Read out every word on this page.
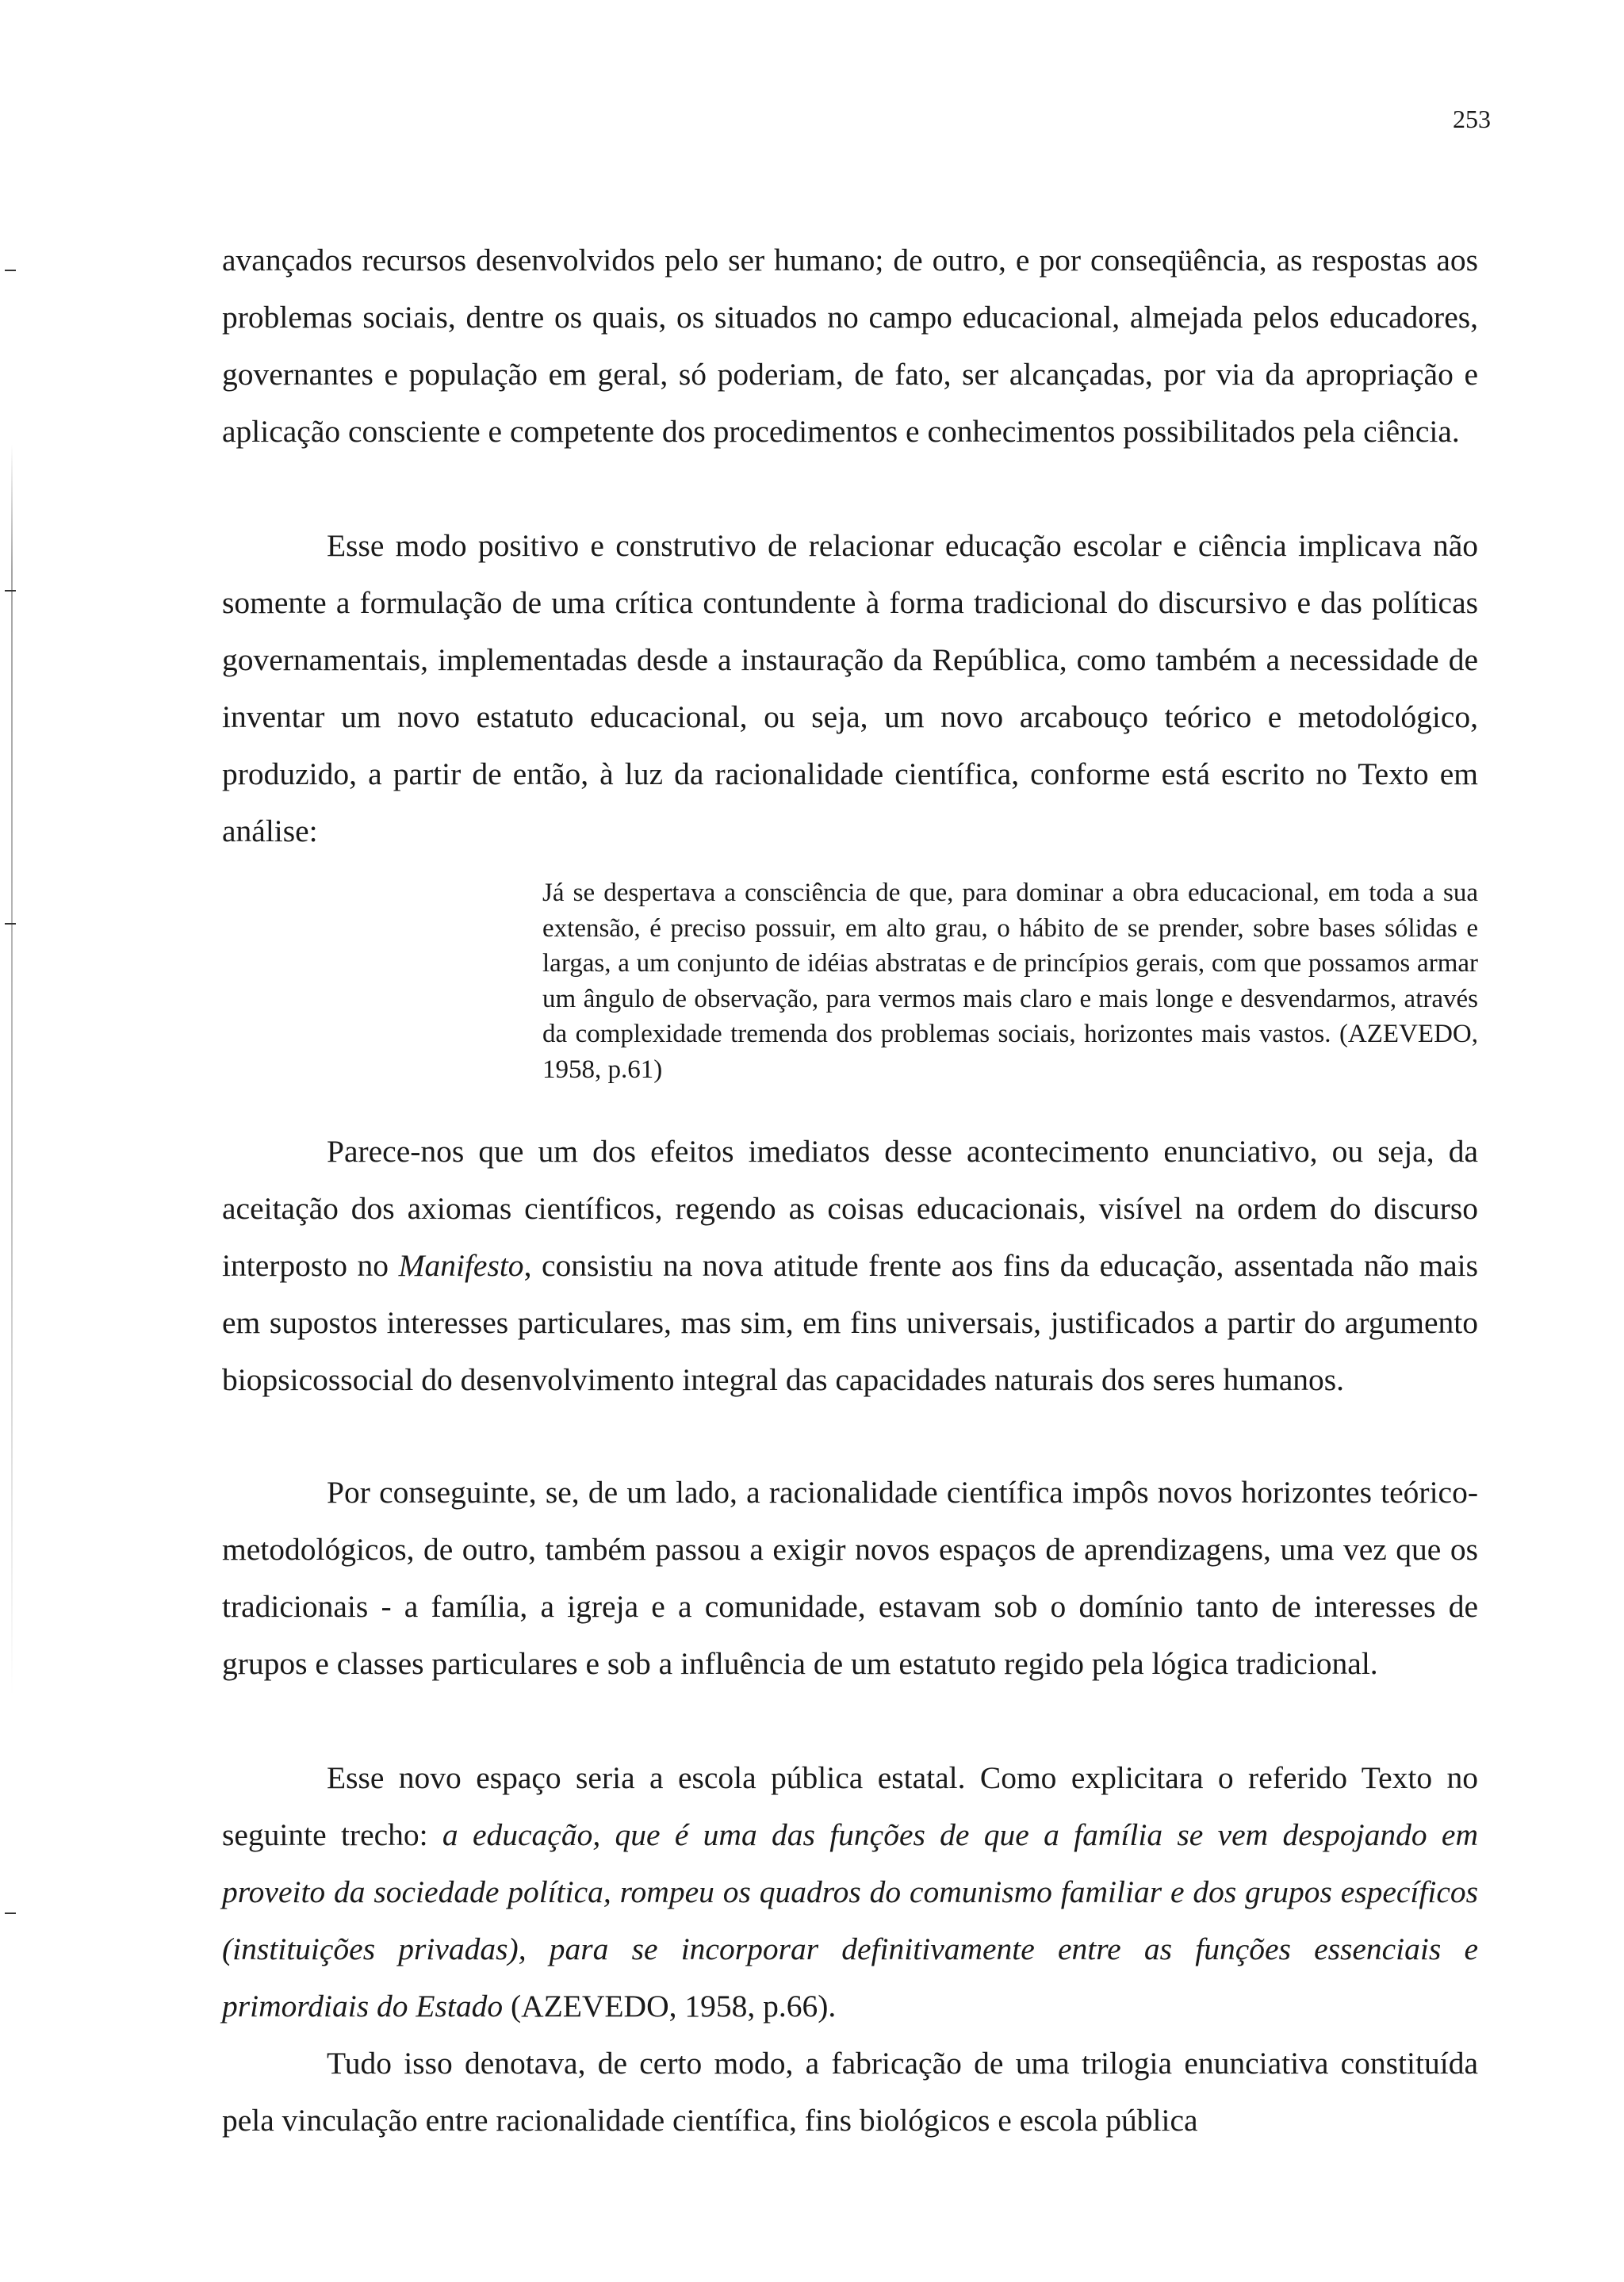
253

avançados recursos desenvolvidos pelo ser humano; de outro, e por conseqüência, as respostas aos problemas sociais, dentre os quais, os situados no campo educacional, almejada pelos educadores, governantes e população em geral, só poderiam, de fato, ser alcançadas, por via da apropriação e aplicação consciente e competente dos procedimentos e conhecimentos possibilitados pela ciência.

Esse modo positivo e construtivo de relacionar educação escolar e ciência implicava não somente a formulação de uma crítica contundente à forma tradicional do discursivo e das políticas governamentais, implementadas desde a instauração da República, como também a necessidade de inventar um novo estatuto educacional, ou seja, um novo arcabouço teórico e metodológico, produzido, a partir de então, à luz da racionalidade científica, conforme está escrito no Texto em análise:

Já se despertava a consciência de que, para dominar a obra educacional, em toda a sua extensão, é preciso possuir, em alto grau, o hábito de se prender, sobre bases sólidas e largas, a um conjunto de idéias abstratas e de princípios gerais, com que possamos armar um ângulo de observação, para vermos mais claro e mais longe e desvendarmos, através da complexidade tremenda dos problemas sociais, horizontes mais vastos. (AZEVEDO, 1958, p.61)

Parece-nos que um dos efeitos imediatos desse acontecimento enunciativo, ou seja, da aceitação dos axiomas científicos, regendo as coisas educacionais, visível na ordem do discurso interposto no Manifesto, consistiu na nova atitude frente aos fins da educação, assentada não mais em supostos interesses particulares, mas sim, em fins universais, justificados a partir do argumento biopsicossocial do desenvolvimento integral das capacidades naturais dos seres humanos.

Por conseguinte, se, de um lado, a racionalidade científica impôs novos horizontes teórico-metodológicos, de outro, também passou a exigir novos espaços de aprendizagens, uma vez que os tradicionais - a família, a igreja e a comunidade, estavam sob o domínio tanto de interesses de grupos e classes particulares e sob a influência de um estatuto regido pela lógica tradicional.

Esse novo espaço seria a escola pública estatal. Como explicitara o referido Texto no seguinte trecho: a educação, que é uma das funções de que a família se vem despojando em proveito da sociedade política, rompeu os quadros do comunismo familiar e dos grupos específicos (instituições privadas), para se incorporar definitivamente entre as funções essenciais e primordiais do Estado (AZEVEDO, 1958, p.66).

Tudo isso denotava, de certo modo, a fabricação de uma trilogia enunciativa constituída pela vinculação entre racionalidade científica, fins biológicos e escola pública
